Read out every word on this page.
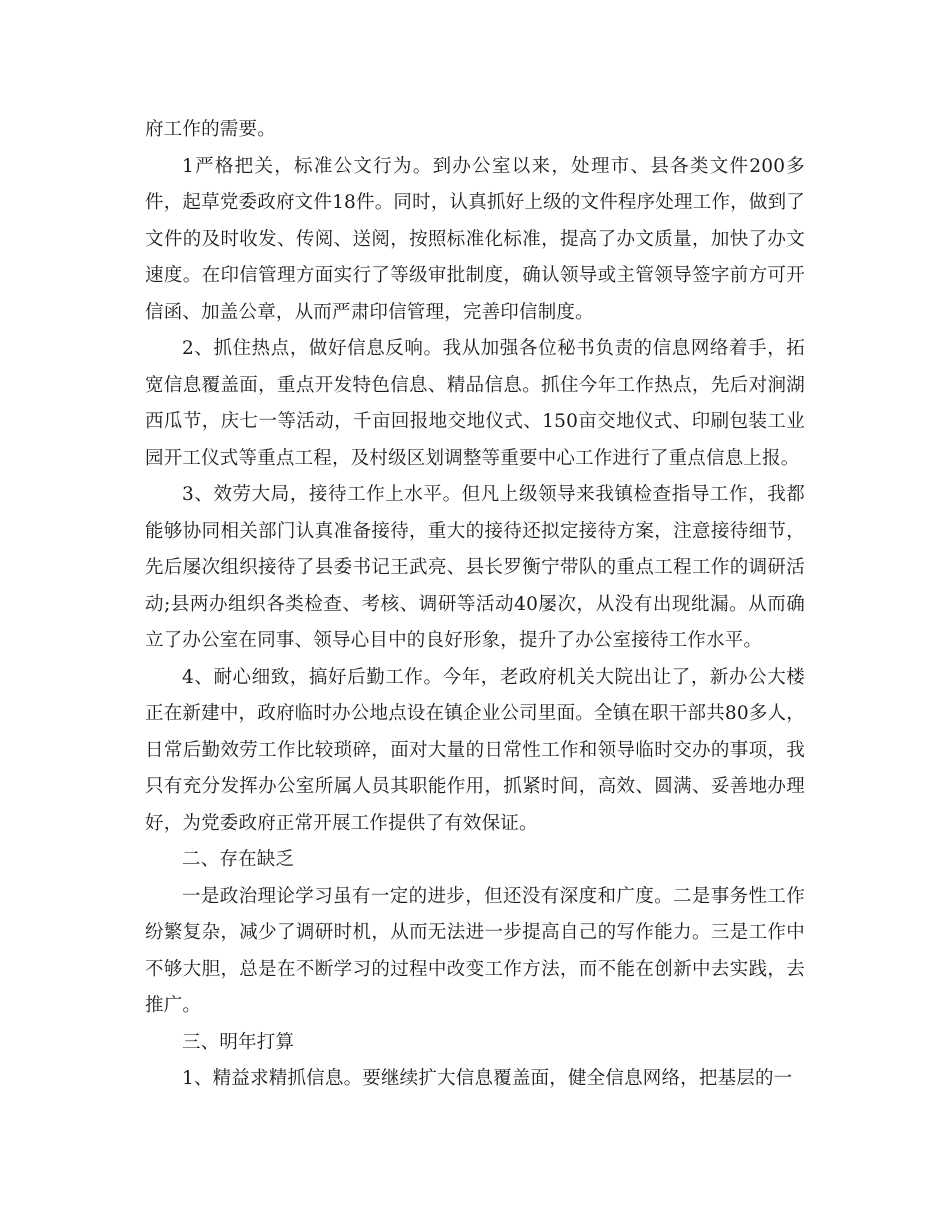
府工作的需要。

1严格把关，标准公文行为。到办公室以来，处理市、县各类文件200多件，起草党委政府文件18件。同时，认真抓好上级的文件程序处理工作，做到了文件的及时收发、传阅、送阅，按照标准化标准，提高了办文质量，加快了办文速度。在印信管理方面实行了等级审批制度，确认领导或主管领导签字前方可开信函、加盖公章，从而严肃印信管理，完善印信制度。

2、抓住热点，做好信息反响。我从加强各位秘书负责的信息网络着手，拓宽信息覆盖面，重点开发特色信息、精品信息。抓住今年工作热点，先后对涧湖西瓜节，庆七一等活动，千亩回报地交地仪式、150亩交地仪式、印刷包装工业园开工仪式等重点工程，及村级区划调整等重要中心工作进行了重点信息上报。

3、效劳大局，接待工作上水平。但凡上级领导来我镇检查指导工作，我都能够协同相关部门认真准备接待，重大的接待还拟定接待方案，注意接待细节，先后屡次组织接待了县委书记王武亮、县长罗衡宁带队的重点工程工作的调研活动;县两办组织各类检查、考核、调研等活动40屡次，从没有出现纰漏。从而确立了办公室在同事、领导心目中的良好形象，提升了办公室接待工作水平。

4、耐心细致，搞好后勤工作。今年，老政府机关大院出让了，新办公大楼正在新建中，政府临时办公地点设在镇企业公司里面。全镇在职干部共80多人，日常后勤效劳工作比较琐碎，面对大量的日常性工作和领导临时交办的事项，我只有充分发挥办公室所属人员其职能作用，抓紧时间，高效、圆满、妥善地办理好，为党委政府正常开展工作提供了有效保证。

二、存在缺乏

一是政治理论学习虽有一定的进步，但还没有深度和广度。二是事务性工作纷繁复杂，减少了调研时机，从而无法进一步提高自己的写作能力。三是工作中不够大胆，总是在不断学习的过程中改变工作方法，而不能在创新中去实践，去推广。

三、明年打算

1、精益求精抓信息。要继续扩大信息覆盖面，健全信息网络，把基层的一
